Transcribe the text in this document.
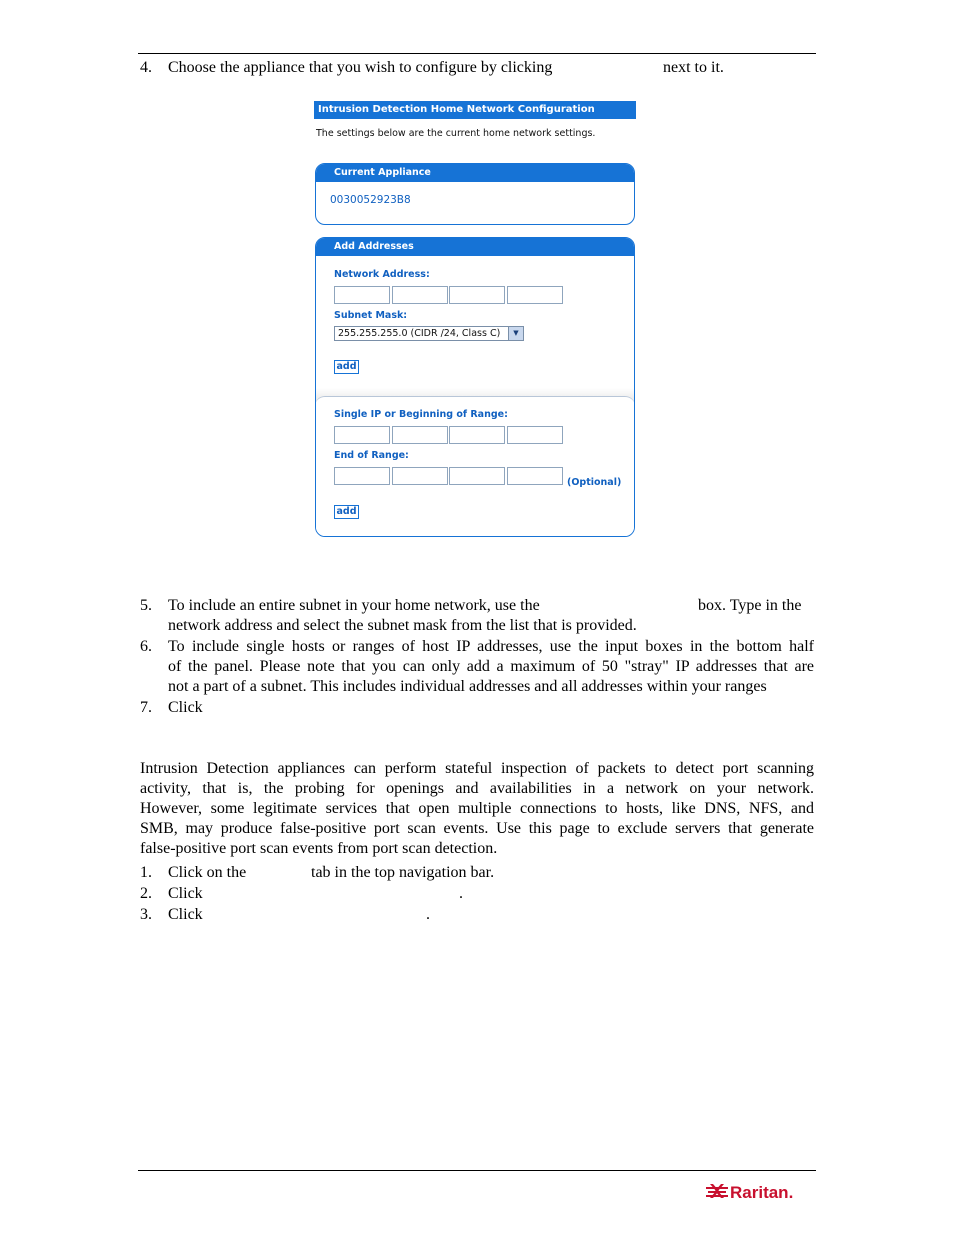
4.	Choose the appliance that you wish to configure by clicking	next to it.
Intrusion Detection Home Network Configuration
The settings below are the current home network settings.
Current Appliance
0030052923B8
Add Addresses
Network Address:
Subnet Mask:
255.255.255.0 (CIDR /24, Class C)	▼
add
Single IP or Beginning of Range:
End of Range:
(Optional)
add
5.	To include an entire subnet in your home network, use the	box. Type in the
network address and select the subnet mask from the list that is provided.
6.	To include single hosts or ranges of host IP addresses, use the input boxes in the bottom half
of the panel. Please note that you can only add a maximum of 50 "stray" IP addresses that are
not a part of a subnet. This includes individual addresses and all addresses within your ranges
7.	Click
Intrusion Detection appliances can perform stateful inspection of packets to detect port scanning
activity, that is, the probing for openings and availabilities in a network on your network.
However, some legitimate services that open multiple connections to hosts, like DNS, NFS, and
SMB, may produce false-positive port scan events. Use this page to exclude servers that generate
false-positive port scan events from port scan detection.
1.	Click on the	tab in the top navigation bar.
2.	Click	.
3.	Click	.
Raritan.
